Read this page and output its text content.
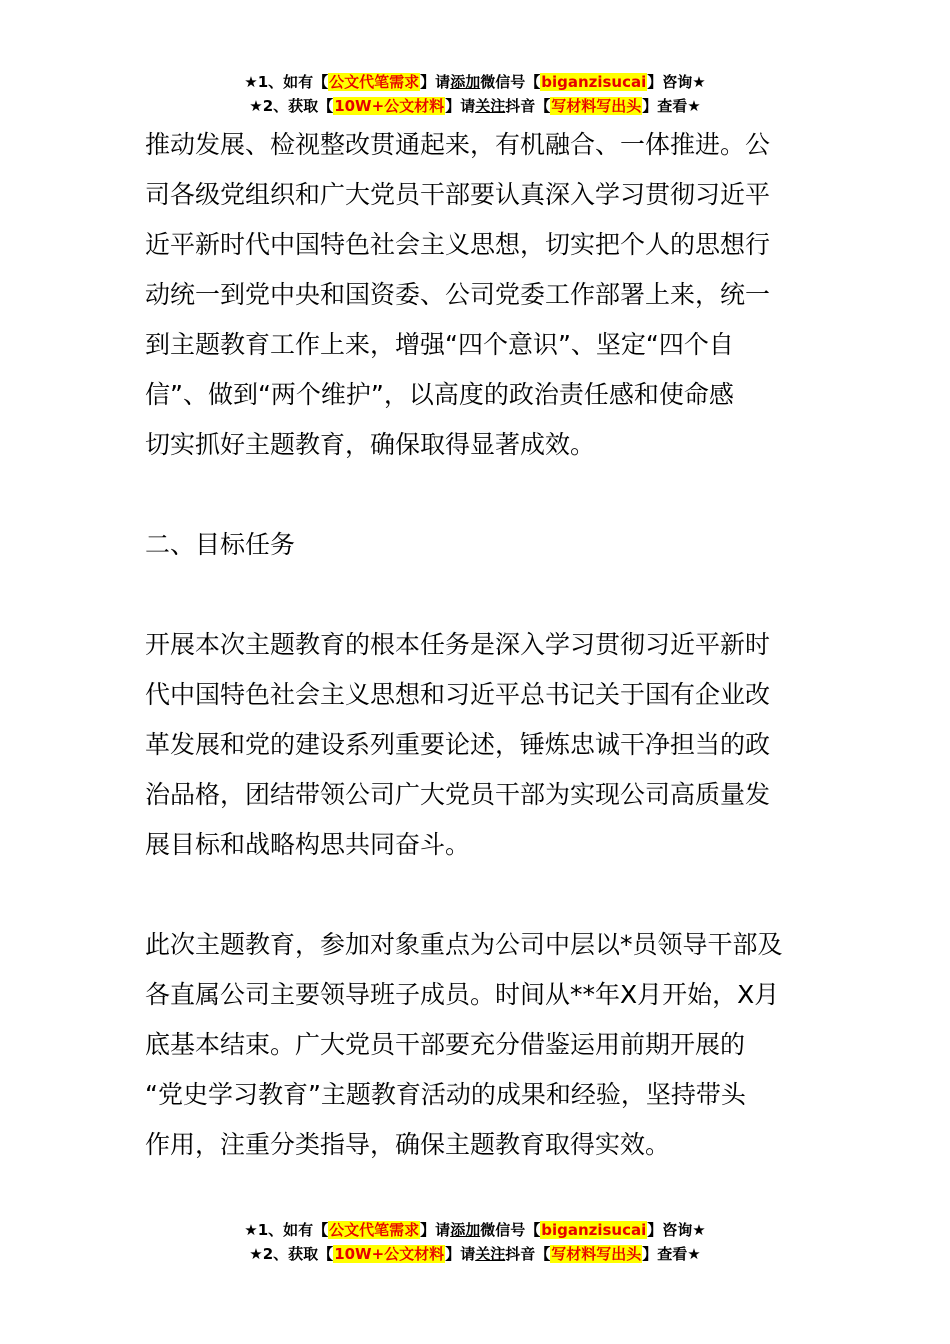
★1、如有【公文代笔需求】请添加微信号【biganzisucai】咨询★
★2、获取【10W+公文材料】请关注抖音【写材料写出头】查看★
推动发展、检视整改贯通起来，有机融合、一体推进。公
司各级党组织和广大党员干部要认真深入学习贯彻习近平
近平新时代中国特色社会主义思想，切实把个人的思想行
动统一到党中央和国资委、公司党委工作部署上来，统一
到主题教育工作上来，增强“四个意识”、坚定“四个自
信”、做到“两个维护”，以高度的政治责任感和使命感
切实抓好主题教育，确保取得显著成效。
二、目标任务
开展本次主题教育的根本任务是深入学习贯彻习近平新时
代中国特色社会主义思想和习近平总书记关于国有企业改
革发展和党的建设系列重要论述，锤炼忠诚干净担当的政
治品格，团结带领公司广大党员干部为实现公司高质量发
展目标和战略构思共同奋斗。
此次主题教育，参加对象重点为公司中层以*员领导干部及
各直属公司主要领导班子成员。时间从**年X月开始，X月
底基本结束。广大党员干部要充分借鉴运用前期开展的
“党史学习教育”主题教育活动的成果和经验，坚持带头
作用，注重分类指导，确保主题教育取得实效。
★1、如有【公文代笔需求】请添加微信号【biganzisucai】咨询★
★2、获取【10W+公文材料】请关注抖音【写材料写出头】查看★
